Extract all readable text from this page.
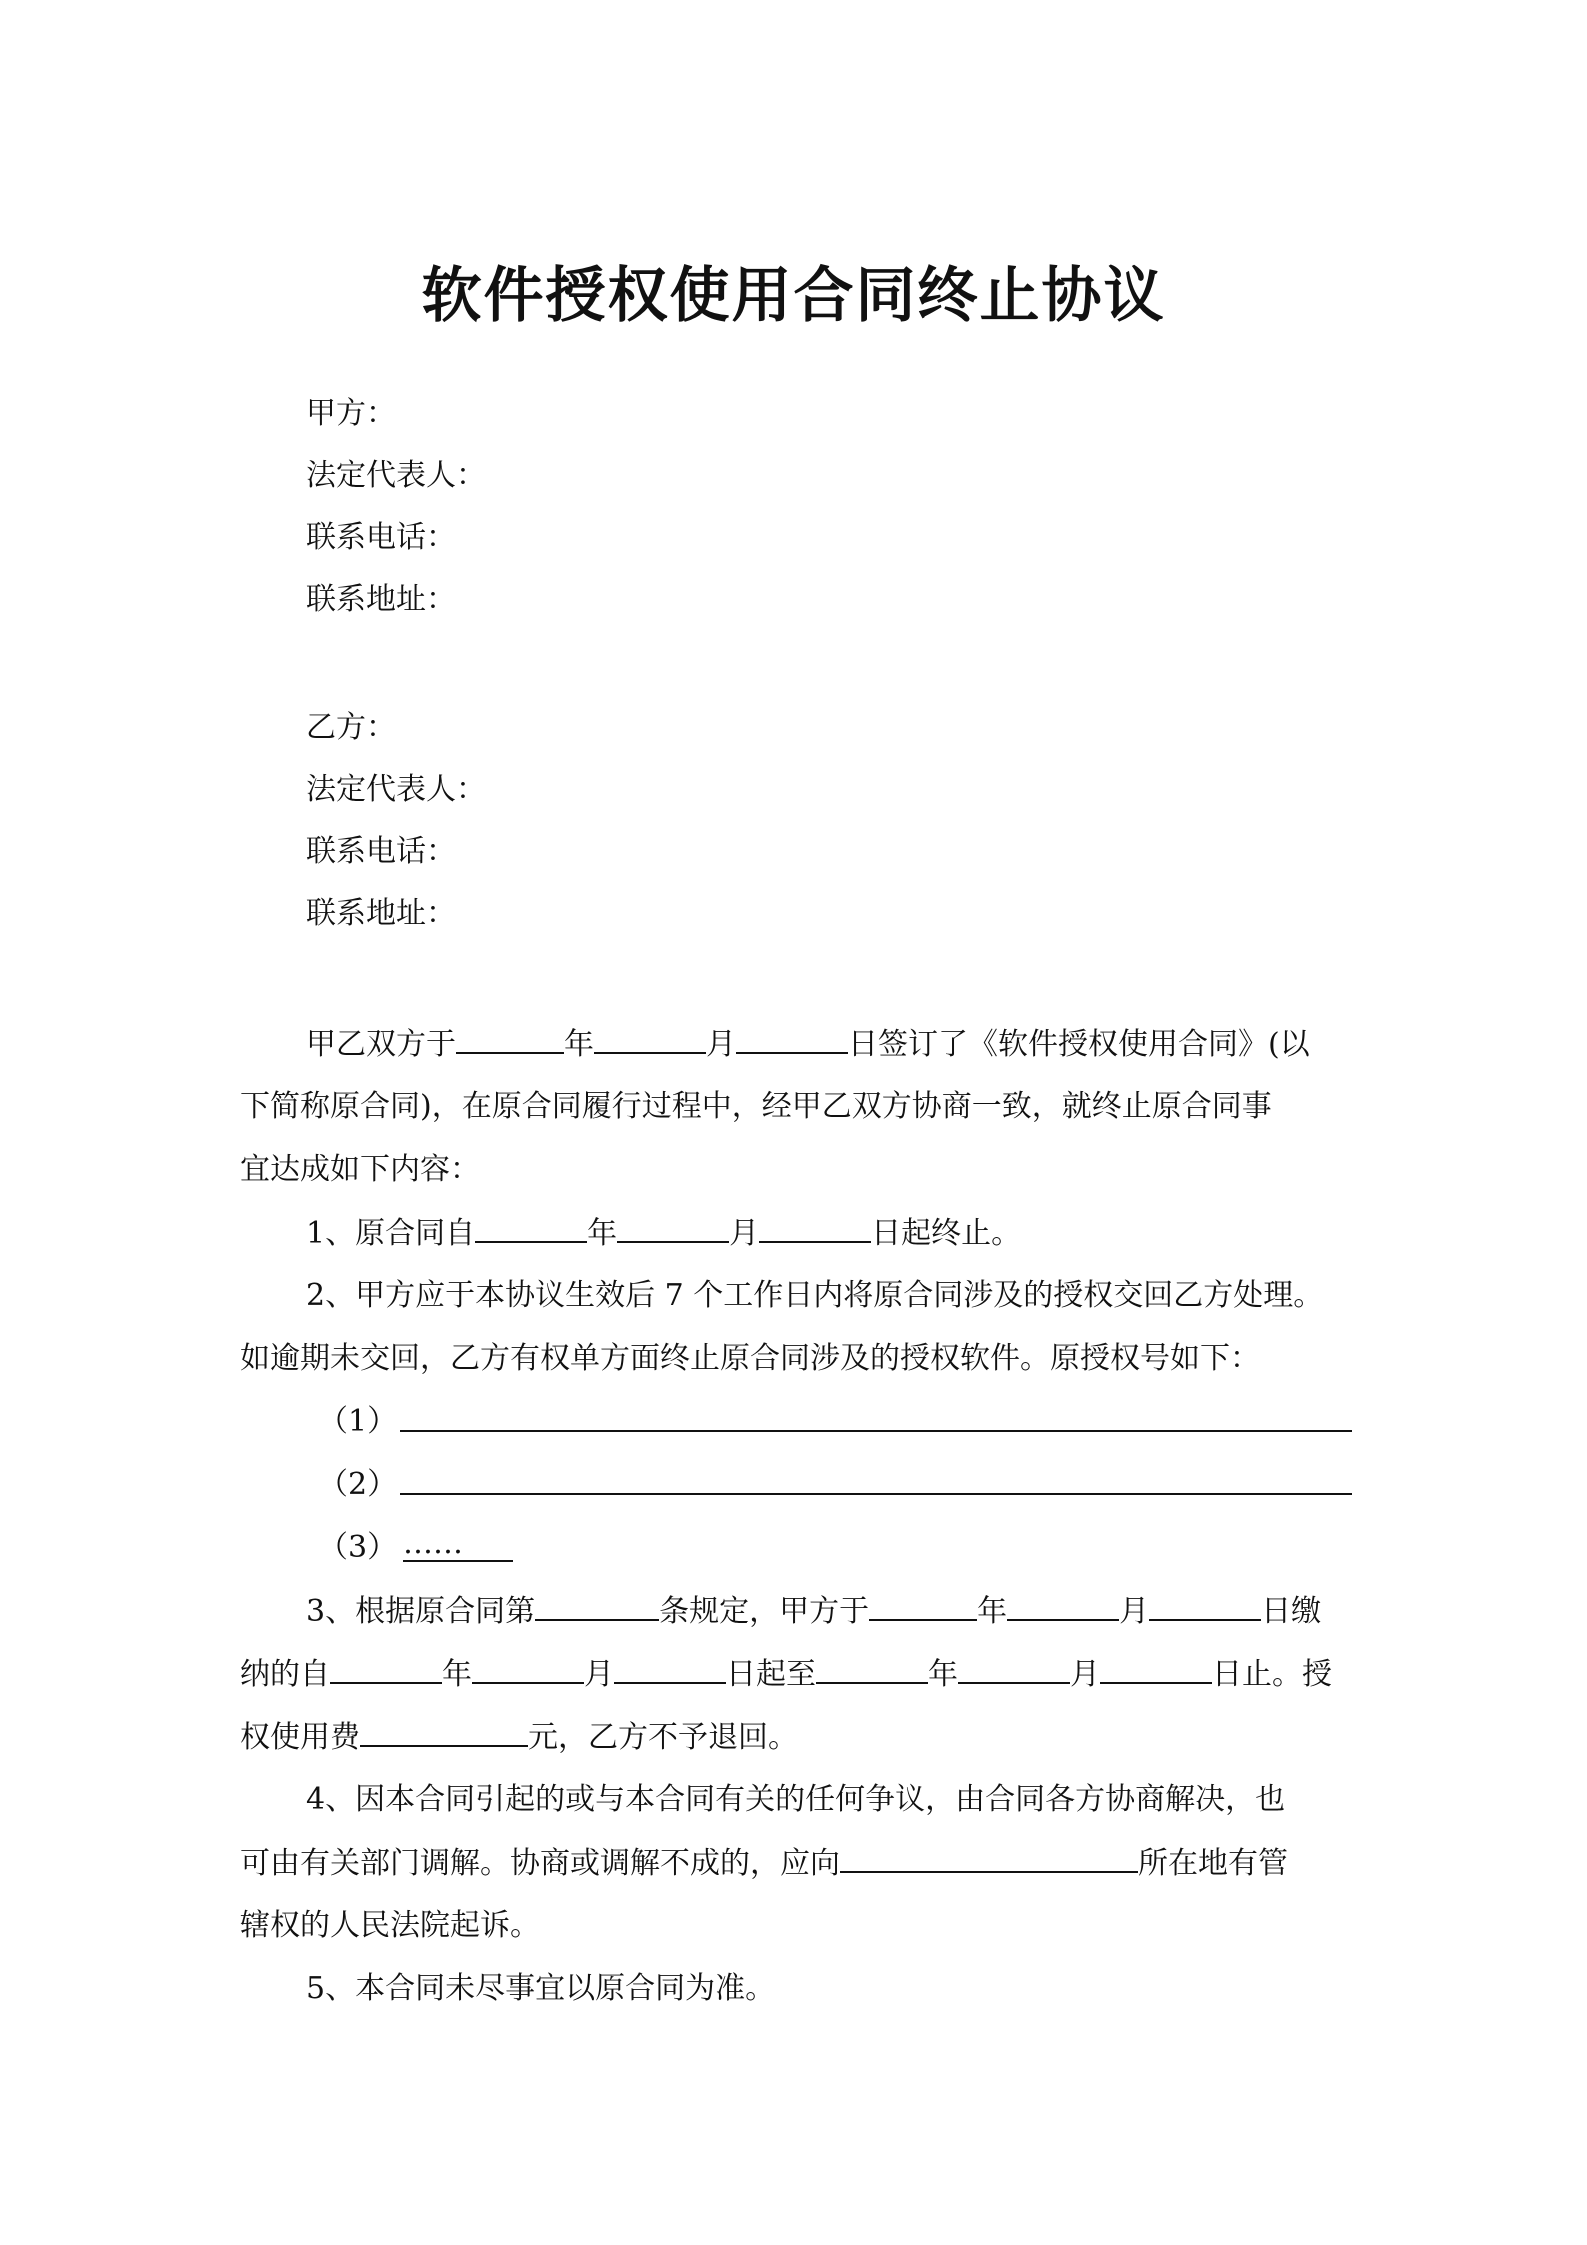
软件授权使用合同终止协议
甲方：
法定代表人：
联系电话：
联系地址：
乙方：
法定代表人：
联系电话：
联系地址：
甲乙双方于	年	月	日签订了《软件授权使用合同》(以
下简称原合同)，在原合同履行过程中，经甲乙双方协商一致，就终止原合同事
宜达成如下内容：
1、原合同自	年	月	日起终止。
2、甲方应于本协议生效后 7 个工作日内将原合同涉及的授权交回乙方处理。
如逾期未交回，乙方有权单方面终止原合同涉及的授权软件。原授权号如下：
（1）
（2）
（3） ……
3、根据原合同第	条规定，甲方于	年	月	日缴
纳的自	年	月	日起至	年	月	日止。授
权使用费	元，乙方不予退回。
4、因本合同引起的或与本合同有关的任何争议，由合同各方协商解决，也
可由有关部门调解。协商或调解不成的，应向	所在地有管
辖权的人民法院起诉。
5、本合同未尽事宜以原合同为准。
